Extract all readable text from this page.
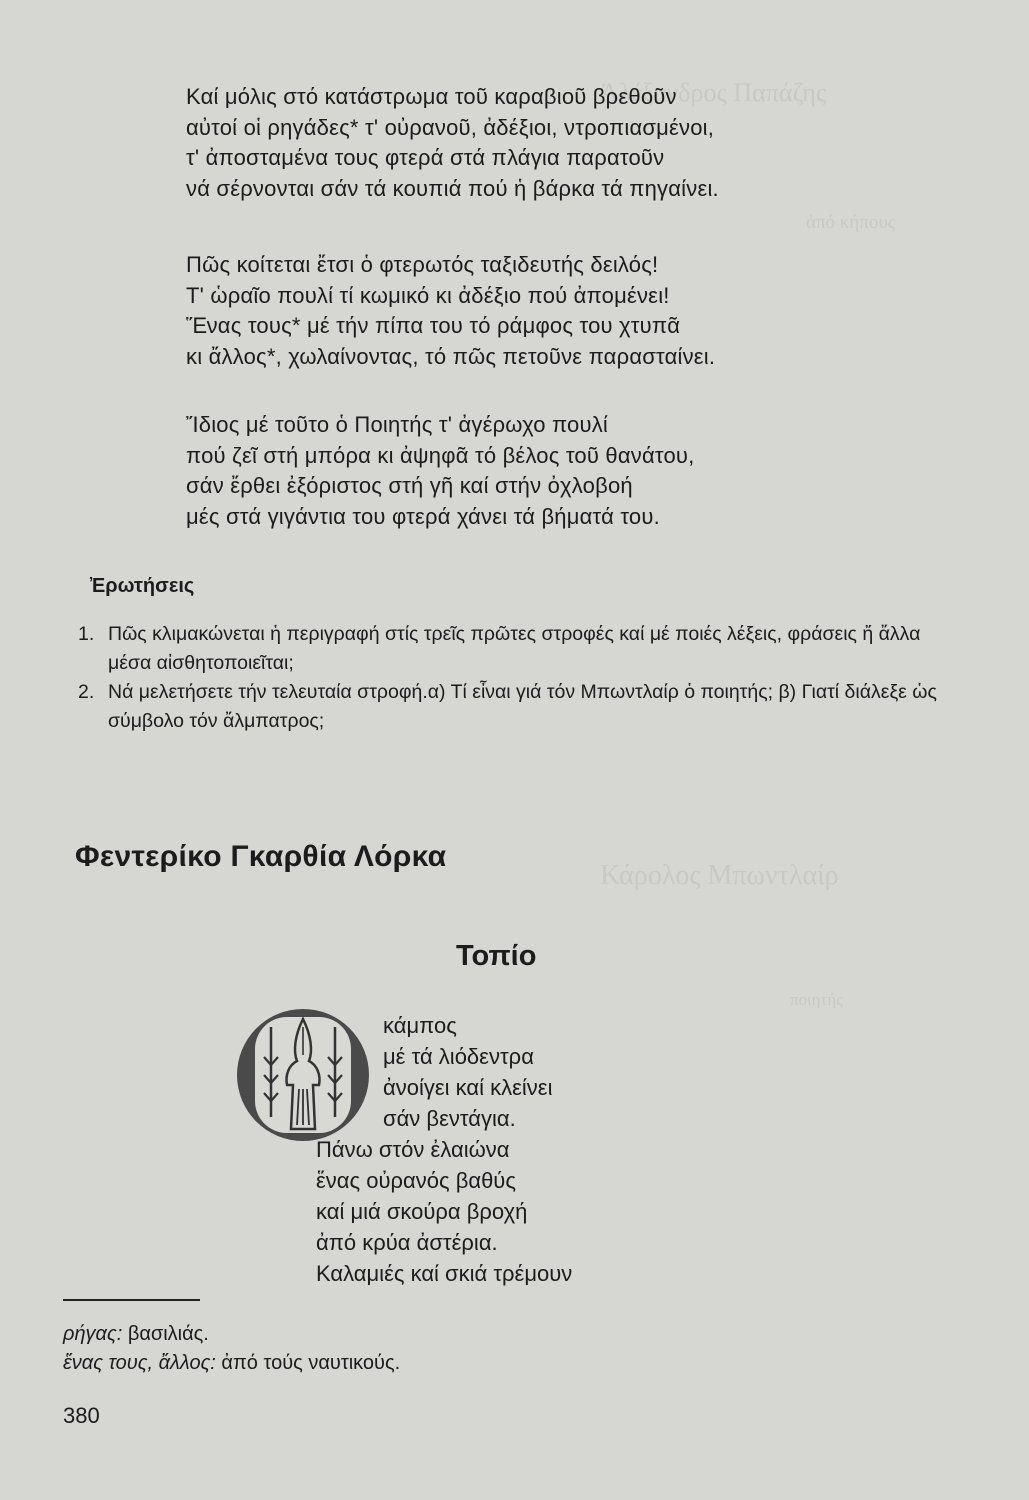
Ἀλέξανδρος Παπάζης
ἀπό κήπους
Κάρολος Μπωντλαίρ
ποιητής
Καί μόλις στό κατάστρωμα τοῦ καραβιοῦ βρεθοῦν
αὐτοί οἱ ρηγάδες* τ' οὐρανοῦ, ἀδέξιοι, ντροπιασμένοι,
τ' ἀποσταμένα τους φτερά στά πλάγια παρατοῦν
νά σέρνονται σάν τά κουπιά πού ἡ βάρκα τά πηγαίνει.
Πῶς κοίτεται ἔτσι ὁ φτερωτός ταξιδευτής δειλός!
Τ' ὡραῖο πουλί τί κωμικό κι ἀδέξιο πού ἀπομένει!
Ἕνας τους* μέ τήν πίπα του τό ράμφος του χτυπᾶ
κι ἄλλος*, χωλαίνοντας, τό πῶς πετοῦνε παρασταίνει.
Ἴδιος μέ τοῦτο ὁ Ποιητής τ' ἀγέρωχο πουλί
πού ζεῖ στή μπόρα κι ἀψηφᾶ τό βέλος τοῦ θανάτου,
σάν ἔρθει ἐξόριστος στή γῆ καί στήν ὀχλοβοή
μές στά γιγάντια του φτερά χάνει τά βήματά του.
Ἐρωτήσεις
1. Πῶς κλιμακώνεται ἡ περιγραφή στίς τρεῖς πρῶτες στροφές καί μέ ποιές λέξεις, φράσεις ἤ ἄλλα μέσα αἰσθητοποιεῖται;
2. Νά μελετήσετε τήν τελευταία στροφή.α) Τί εἶναι γιά τόν Μπωντλαίρ ὁ ποιητής; β) Γιατί διάλεξε ὡς σύμβολο τόν ἄλμπατρος;
Φεντερίκο Γκαρθία Λόρκα
Τοπίο
κάμπος
μέ τά λιόδεντρα
ἀνοίγει καί κλείνει
σάν βεντάγια.
Πάνω στόν ἐλαιώνα
ἕνας οὐρανός βαθύς
καί μιά σκούρα βροχή
ἀπό κρύα ἀστέρια.
Καλαμιές καί σκιά τρέμουν
ρήγας: βασιλιάς.
ἕνας τους, ἄλλος: ἀπό τούς ναυτικούς.
380
